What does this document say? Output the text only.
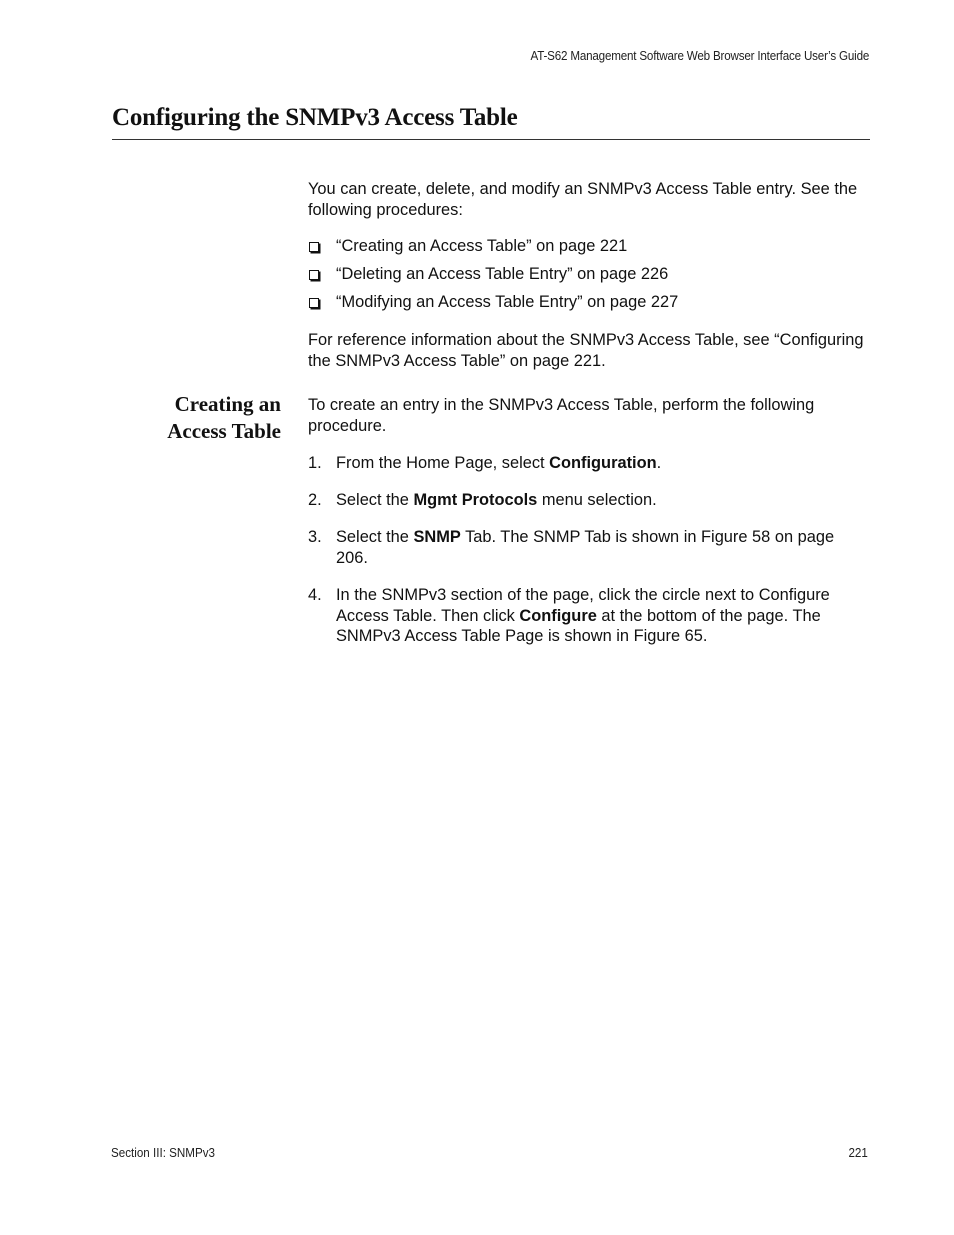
AT-S62 Management Software Web Browser Interface User’s Guide
Configuring the SNMPv3 Access Table

You can create, delete, and modify an SNMPv3 Access Table entry. See the following procedures:

“Creating an Access Table” on page 221
“Deleting an Access Table Entry” on page 226
“Modifying an Access Table Entry” on page 227

For reference information about the SNMPv3 Access Table, see “Configuring the SNMPv3 Access Table” on page 221.

Creating an
Access Table

To create an entry in the SNMPv3 Access Table, perform the following procedure.

1. From the Home Page, select Configuration.
2. Select the Mgmt Protocols menu selection.
3. Select the SNMP Tab. The SNMP Tab is shown in Figure 58 on page 206.
4. In the SNMPv3 section of the page, click the circle next to Configure Access Table. Then click Configure at the bottom of the page. The SNMPv3 Access Table Page is shown in Figure 65.
Section III: SNMPv3	221
